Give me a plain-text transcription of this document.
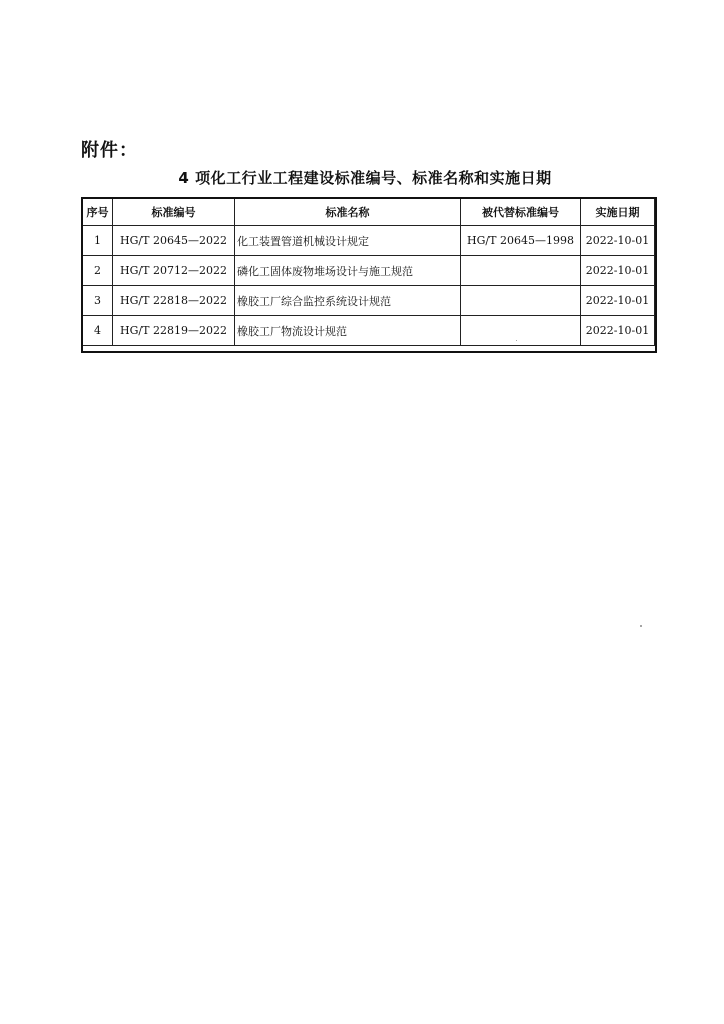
附件：
4 项化工行业工程建设标准编号、标准名称和实施日期
序号	标准编号	标准名称	被代替标准编号	实施日期
1	HG/T 20645—2022	化工装置管道机械设计规定	HG/T 20645—1998	2022-10-01
2	HG/T 20712—2022	磷化工固体废物堆场设计与施工规范		2022-10-01
3	HG/T 22818—2022	橡胶工厂综合监控系统设计规范		2022-10-01
4	HG/T 22819—2022	橡胶工厂物流设计规范		2022-10-01
